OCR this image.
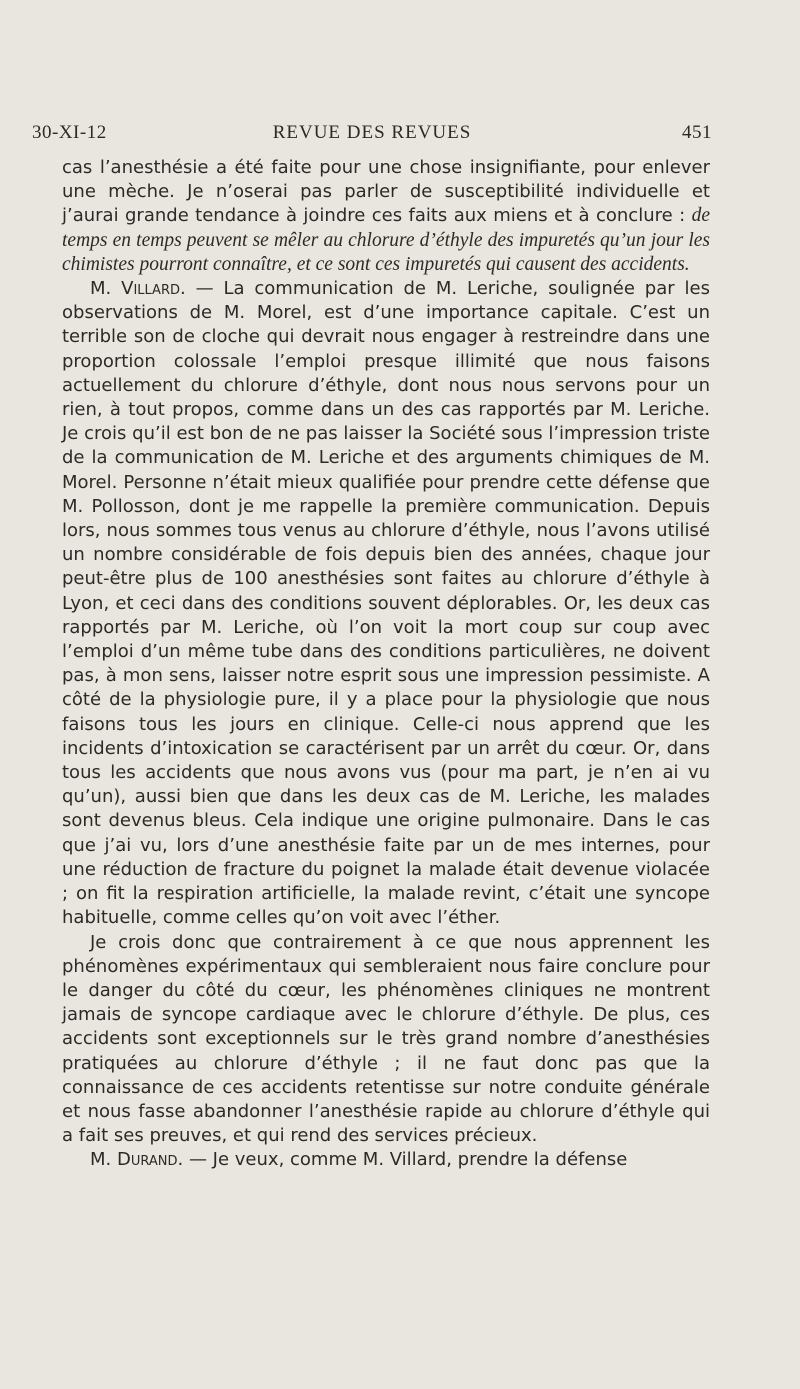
30-XI-12	REVUE DES REVUES	451

cas l’anesthésie a été faite pour une chose insignifiante, pour enlever une mèche. Je n’oserai pas parler de susceptibilité individuelle et j’aurai grande tendance à joindre ces faits aux miens et à conclure : de temps en temps peuvent se mêler au chlorure d’éthyle des impuretés qu’un jour les chimistes pourront connaître, et ce sont ces impuretés qui causent des accidents.

M. Villard. — La communication de M. Leriche, soulignée par les observations de M. Morel, est d’une importance capitale. C’est un terrible son de cloche qui devrait nous engager à restreindre dans une proportion colossale l’emploi presque illimité que nous faisons actuellement du chlorure d’éthyle, dont nous nous servons pour un rien, à tout propos, comme dans un des cas rapportés par M. Leriche. Je crois qu’il est bon de ne pas laisser la Société sous l’impression triste de la communication de M. Leriche et des arguments chimiques de M. Morel. Personne n’était mieux qualifiée pour prendre cette défense que M. Pollosson, dont je me rappelle la première communication. Depuis lors, nous sommes tous venus au chlorure d’éthyle, nous l’avons utilisé un nombre considérable de fois depuis bien des années, chaque jour peut-être plus de 100 anesthésies sont faites au chlorure d’éthyle à Lyon, et ceci dans des conditions souvent déplorables. Or, les deux cas rapportés par M. Leriche, où l’on voit la mort coup sur coup avec l’emploi d’un même tube dans des conditions particulières, ne doivent pas, à mon sens, laisser notre esprit sous une impression pessimiste. A côté de la physiologie pure, il y a place pour la physiologie que nous faisons tous les jours en clinique. Celle-ci nous apprend que les incidents d’intoxication se caractérisent par un arrêt du cœur. Or, dans tous les accidents que nous avons vus (pour ma part, je n’en ai vu qu’un), aussi bien que dans les deux cas de M. Leriche, les malades sont devenus bleus. Cela indique une origine pulmonaire. Dans le cas que j’ai vu, lors d’une anesthésie faite par un de mes internes, pour une réduction de fracture du poignet la malade était devenue violacée ; on fit la respiration artificielle, la malade revint, c’était une syncope habituelle, comme celles qu’on voit avec l’éther.

Je crois donc que contrairement à ce que nous apprennent les phénomènes expérimentaux qui sembleraient nous faire conclure pour le danger du côté du cœur, les phénomènes cliniques ne montrent jamais de syncope cardiaque avec le chlorure d’éthyle. De plus, ces accidents sont exceptionnels sur le très grand nombre d’anesthésies pratiquées au chlorure d’éthyle ; il ne faut donc pas que la connaissance de ces accidents retentisse sur notre conduite générale et nous fasse abandonner l’anesthésie rapide au chlorure d’éthyle qui a fait ses preuves, et qui rend des services précieux.

M. Durand. — Je veux, comme M. Villard, prendre la défense
